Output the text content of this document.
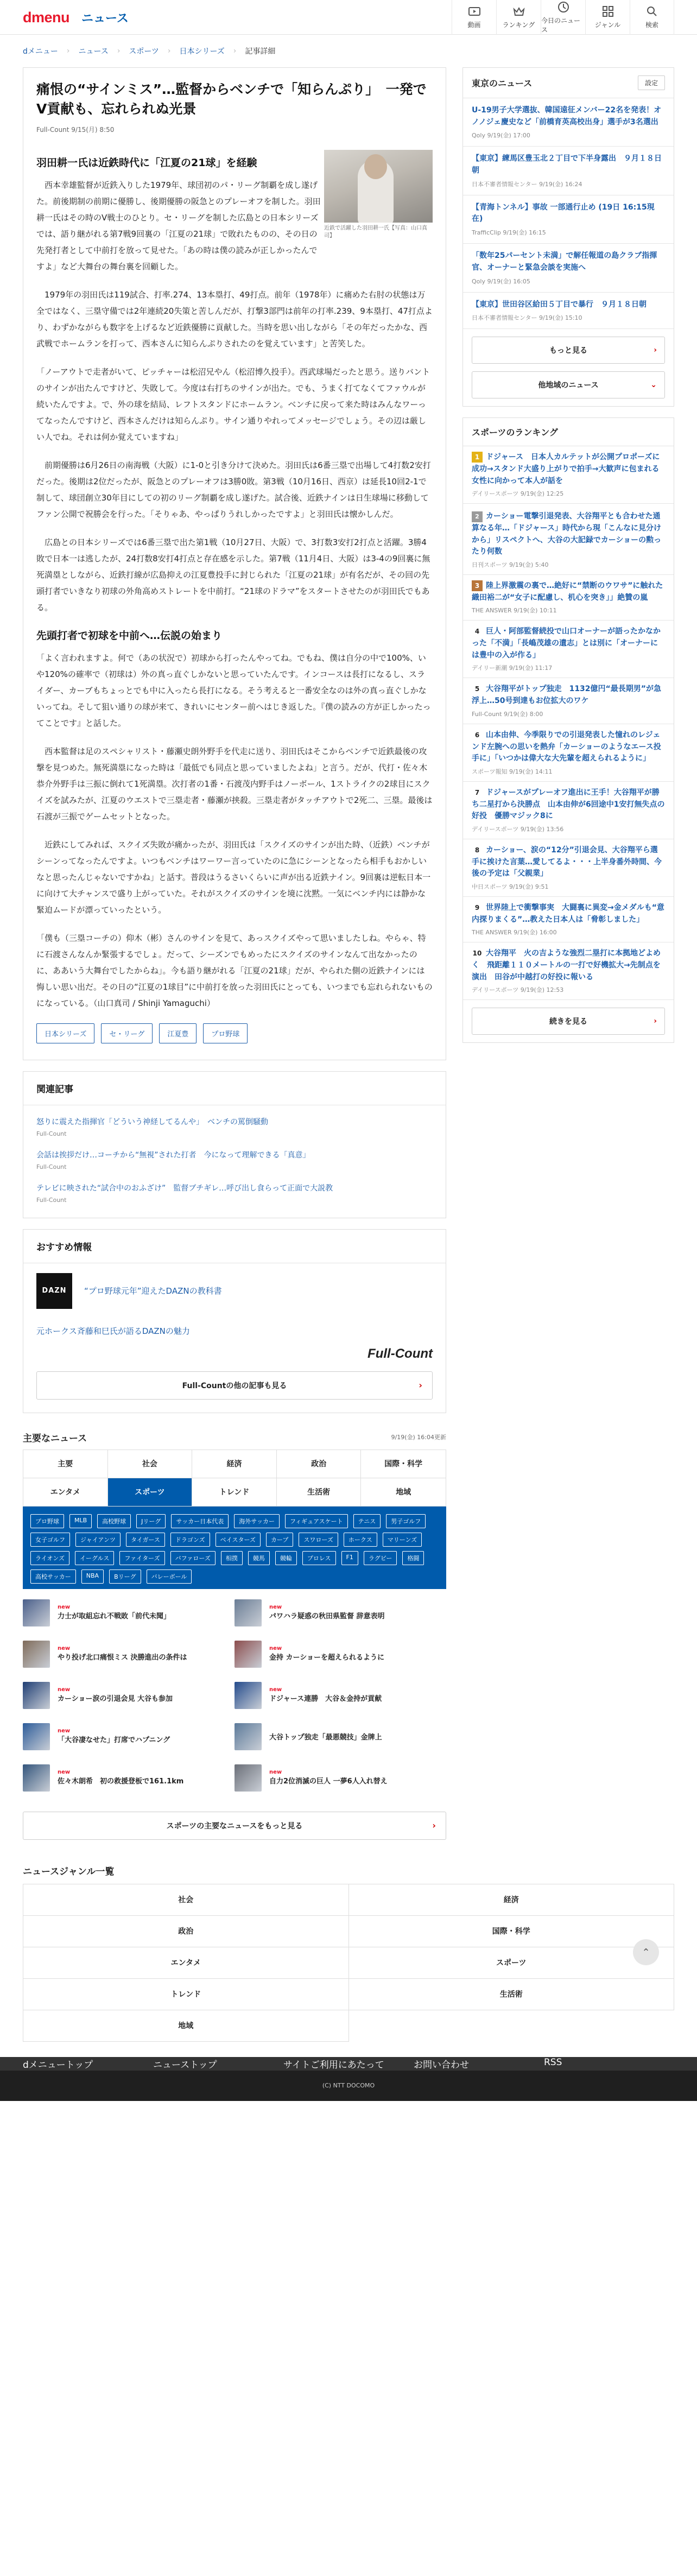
dmenu ニュース	動画	ランキング
今日のニュース
ジャンル	検索
dメニュー › ニュース › スポーツ › 日本シリーズ › 記事詳細
痛恨の“サインミス”…監督からベンチで「知らんぷり」　一発でV貢献も、忘れられぬ光景
Full-Count 9/15(月) 8:50
羽田耕一氏は近鉄時代に「江夏の21球」を経験

　西本幸雄監督が近鉄入りした1979年、球団初のパ・リーグ制覇を成し遂げた。前後期制の前期に優勝し、後期優勝の阪急とのプレーオフを制した。羽田耕一氏はその時のV戦士のひとり。セ・リーグを制した広島との日本シリーズでは、語り継がれる第7戦9回裏の「江夏の21球」で敗れたものの、その日の先発打者として中前打を放って見せた。「あの時は僕の読みが正しかったんですよ」など大舞台の舞台裏を回顧した。

近鉄で活躍した羽田耕一氏【写真：山口真司】

　1979年の羽田氏は119試合、打率.274、13本塁打、49打点。前年（1978年）に痛めた右肘の状態は万全ではなく、三塁守備では2年連続20失策と苦しんだが、打撃3部門は前年の打率.239、9本塁打、47打点より、わずかながらも数字を上げるなど近鉄優勝に貢献した。当時を思い出しながら「その年だったかな、西武戦でホームランを打って、西本さんに知らんぷりされたのを覚えています」と苦笑した。

「ノーアウトで走者がいて、ピッチャーは松沼兄やん（松沼博久投手）。西武球場だったと思う。送りバントのサインが出たんですけど、失敗して。今度は右打ちのサインが出た。でも、うまく打てなくてファウルが続いたんですよ。で、外の球を結局、レフトスタンドにホームラン。ベンチに戻って来た時はみんなワーってなったんですけど、西本さんだけは知らんぷり。サイン通りやれってメッセージでしょう。その辺は厳しい人でね。それは何か覚えていますね」

　前期優勝は6月26日の南海戦（大阪）に1-0と引き分けて決めた。羽田氏は6番三塁で出場して4打数2安打だった。後期は2位だったが、阪急とのプレーオフは3勝0敗。第3戦（10月16日、西京）は延長10回2-1で制して、球団創立30年目にしての初のリーグ制覇を成し遂げた。試合後、近鉄ナインは日生球場に移動してファン公開で祝勝会を行った。「そりゃあ、やっぱりうれしかったですよ」と羽田氏は懐かしんだ。

　広島との日本シリーズでは6番三塁で出た第1戦（10月27日、大阪）で、3打数3安打2打点と活躍。3勝4敗で日本一は逃したが、24打数8安打4打点と存在感を示した。第7戦（11月4日、大阪）は3-4の9回裏に無死満塁としながら、近鉄打線が広島抑えの江夏豊投手に封じられた「江夏の21球」が有名だが、その回の先頭打者でいきなり初球の外角高めストレートを中前打。“21球のドラマ”をスタートさせたのが羽田氏でもある。

先頭打者で初球を中前へ…伝説の始まり

「よく言われますよ。何で（あの状況で）初球から打ったんやってね。でもね、僕は自分の中で100%、いや120%の確率で（初球は）外の真っ直ぐしかないと思っていたんです。インコースは長打になるし、スライダー、カーブもちょっとでも中に入ったら長打になる。そう考えると一番安全なのは外の真っ直ぐしかないってね。そして狙い通りの球が来て、きれいにセンター前へはじき返した。『僕の読みの方が正しかったってことです』と話した。

　西本監督は足のスペシャリスト・藤瀬史朗外野手を代走に送り、羽田氏はそこからベンチで近鉄最後の攻撃を見つめた。無死満塁になった時は「最低でも同点と思っていましたよね」と言う。だが、代打・佐々木恭介外野手は三振に倒れて1死満塁。次打者の1番・石渡茂内野手はノーボール、1ストライクの2球目にスクイズを試みたが、江夏のウエストで三塁走者・藤瀬が挟殺。三塁走者がタッチアウトで2死二、三塁。最後は石渡が三振でゲームセットとなった。

　近鉄にしてみれば、スクイズ失敗が痛かったが、羽田氏は「スクイズのサインが出た時、（近鉄）ベンチがシーンってなったんですよ。いつもベンチはワーワー言っていたのに急にシーンとなったら相手もおかしいなと思ったんじゃないですかね」と話す。普段はうるさいくらいに声が出る近鉄ナイン。9回裏は逆転日本一に向けて大チャンスで盛り上がっていた。それがスクイズのサインを境に沈黙。一気にベンチ内には静かな緊迫ムードが漂っていったという。

「僕も（三塁コーチの）仰木（彬）さんのサインを見て、あっスクイズやって思いましたしね。やらゃ、特に石渡さんなんか緊張するでしょ。だって、シーズンでもめったにスクイズのサインなんて出なかったのに、ああいう大舞台でしたからね」。今も語り継がれる「江夏の21球」だが、やられた側の近鉄ナインには悔しい思い出だ。その日の“江夏の1球目”に中前打を放った羽田氏にとっても、いつまでも忘れられないものになっている。（山口真司 / Shinji Yamaguchi）

日本シリーズ	セ・リーグ	江夏豊	プロ野球
関連記事
怒りに震えた指揮官「どういう神経してるんや」　ベンチの罵倒騒動　
Full-Count
会話は挨拶だけ…コーチから“無視”された打者　今になって理解できる「真意」
Full-Count
テレビに映された“試合中のおふざけ”　監督ブチギレ…呼び出し食らって正面で大説教
Full-Count
おすすめ情報
DAZN “プロ野球元年”迎えたDAZNの教科書
元ホークス斉藤和巳氏が語るDAZNの魅力
Full-Count
Full-Countの他の記事も見る	›
主要なニュース	9/19(金) 16:04更新
主要	社会	経済	政治	国際・科学
エンタメ	スポーツ	トレンド	生活術	地域
プロ野球	MLB	高校野球	Jリーグ	サッカー日本代表	海外サッカー	フィギュアスケート	テニス	男子ゴルフ
女子ゴルフ	ジャイアンツ	タイガース	ドラゴンズ	ベイスターズ	カープ	スワローズ	ホークス	マリーンズ
ライオンズ	イーグルス	ファイターズ	バファローズ	相撲	競馬	競輪	プロレス	F1	ラグビー	格闘
高校サッカー	NBA	Bリーグ	バレーボール
new
力士が取組忘れ不戦敗「前代未聞」
new
パワハラ疑惑の秋田県監督 辞意表明
new
やり投げ北口痛恨ミス 決勝進出の条件は
new
金持 カーショーを超えられるように
new
カーショー涙の引退会見 大谷も参加
new
ドジャース連勝　大谷＆金持が貢献
new
「大谷凄なせた」打席でハプニング	大谷トップ独走「最悪競技」金牌上
new
佐々木朗希　初の救援登板で161.1km
new
自力2位消滅の巨人 一夢6人入れ替え
スポーツの主要なニュースをもっと見る	›
東京のニュース	設定
U-19男子大学選抜、韓国遠征メンバー22名を発表！オノノジェ慶史など「前橋育英高校出身」選手が3名選出
Qoly 9/19(金) 17:00
【東京】練馬区豊玉北２丁目で下半身露出　９月１８日朝
日本不審者情報センター 9/19(金) 16:24
【青海トンネル】事故 一部通行止め (19日 16:15現在)
TrafficClip 9/19(金) 16:15
「数年25パーセント未満」で解任報道の島クラブ指揮官、オーナーと緊急会談を実施へ
Qoly 9/19(金) 16:05
【東京】世田谷区給田５丁目で暴行　９月１８日朝
日本不審者情報センター 9/19(金) 15:10
もっと見る	›
他地域のニュース	⌄
スポーツのランキング
1 ドジャース　日本人カルテットが公開プロポーズに成功→スタンド大盛り上がりで拍手→大歓声に包まれる　女性に向かって本人が話を
デイリースポーツ 9/19(金) 12:25
2 カーショー電撃引退発表、大谷翔平とも合わせた通算なる年…「ドジャース」時代から現「こんなに見分けから」リスペクトへ、大谷の大記録でカーショーの勲ったり何数
日刊スポーツ 9/19(金) 5:40
3 陸上界激震の裏で…絶好に“禁断のウワサ”に触れた織田裕二が“女子に配慮し、机心を突き」」絶贊の嵐
THE ANSWER 9/19(金) 10:11
4 巨人・阿部監督続投で山口オーナーが語ったかなかった「不満」「長嶋茂雄の遺志」とは別に「オーナーには豊中の入が作る」
デイリー新潮 9/19(金) 11:17
5 大谷翔平がトップ独走　1132億円“最長期男”が急浮上…50号到達もお位拡大のワケ
Full-Count 9/19(金) 8:00
6 山本由伸、今季限りでの引退発表した憧れのレジェンド左腕への思いを熱弁「カーショーのようなエース投手に」「いつかは偉大な大先輩を超えられるように」
スポーツ報知 9/19(金) 14:11
7 ドジャースがプレーオフ進出に王手！大谷翔平が勝ち二星打から決勝点　山本由伸が6回途中1安打無失点の好投　優勝マジック8に
デイリースポーツ 9/19(金) 13:56
8 カーショー、涙の“12分”引退会見、大谷翔平ら選手に挨けた言葉…愛してるよ・・・上半身番外時間、今後の予定は「父親業」
中日スポーツ 9/19(金) 9:51
9 世界陸上で衝撃事実　大闘裏に異変→金メダルも“意内探りまくる”…教えた日本人は「脅彰しました」
THE ANSWER 9/19(金) 16:00
10 大谷翔平　火の吉ような強烈二塁打に本拠地どよめく　飛距離１１０メートルの一打で好機拡大→先制点を演出　田谷が中越打の好投に報いる
デイリースポーツ 9/19(金) 12:53
続きを見る	›
ニュースジャンル一覧
社会	経済
政治	国際・科学
エンタメ	スポーツ
トレンド	生活術
地域
⌃
dメニュートップ	ニューストップ	サイトご利用にあたって	お問い合わせ	RSS
(C) NTT DOCOMO
